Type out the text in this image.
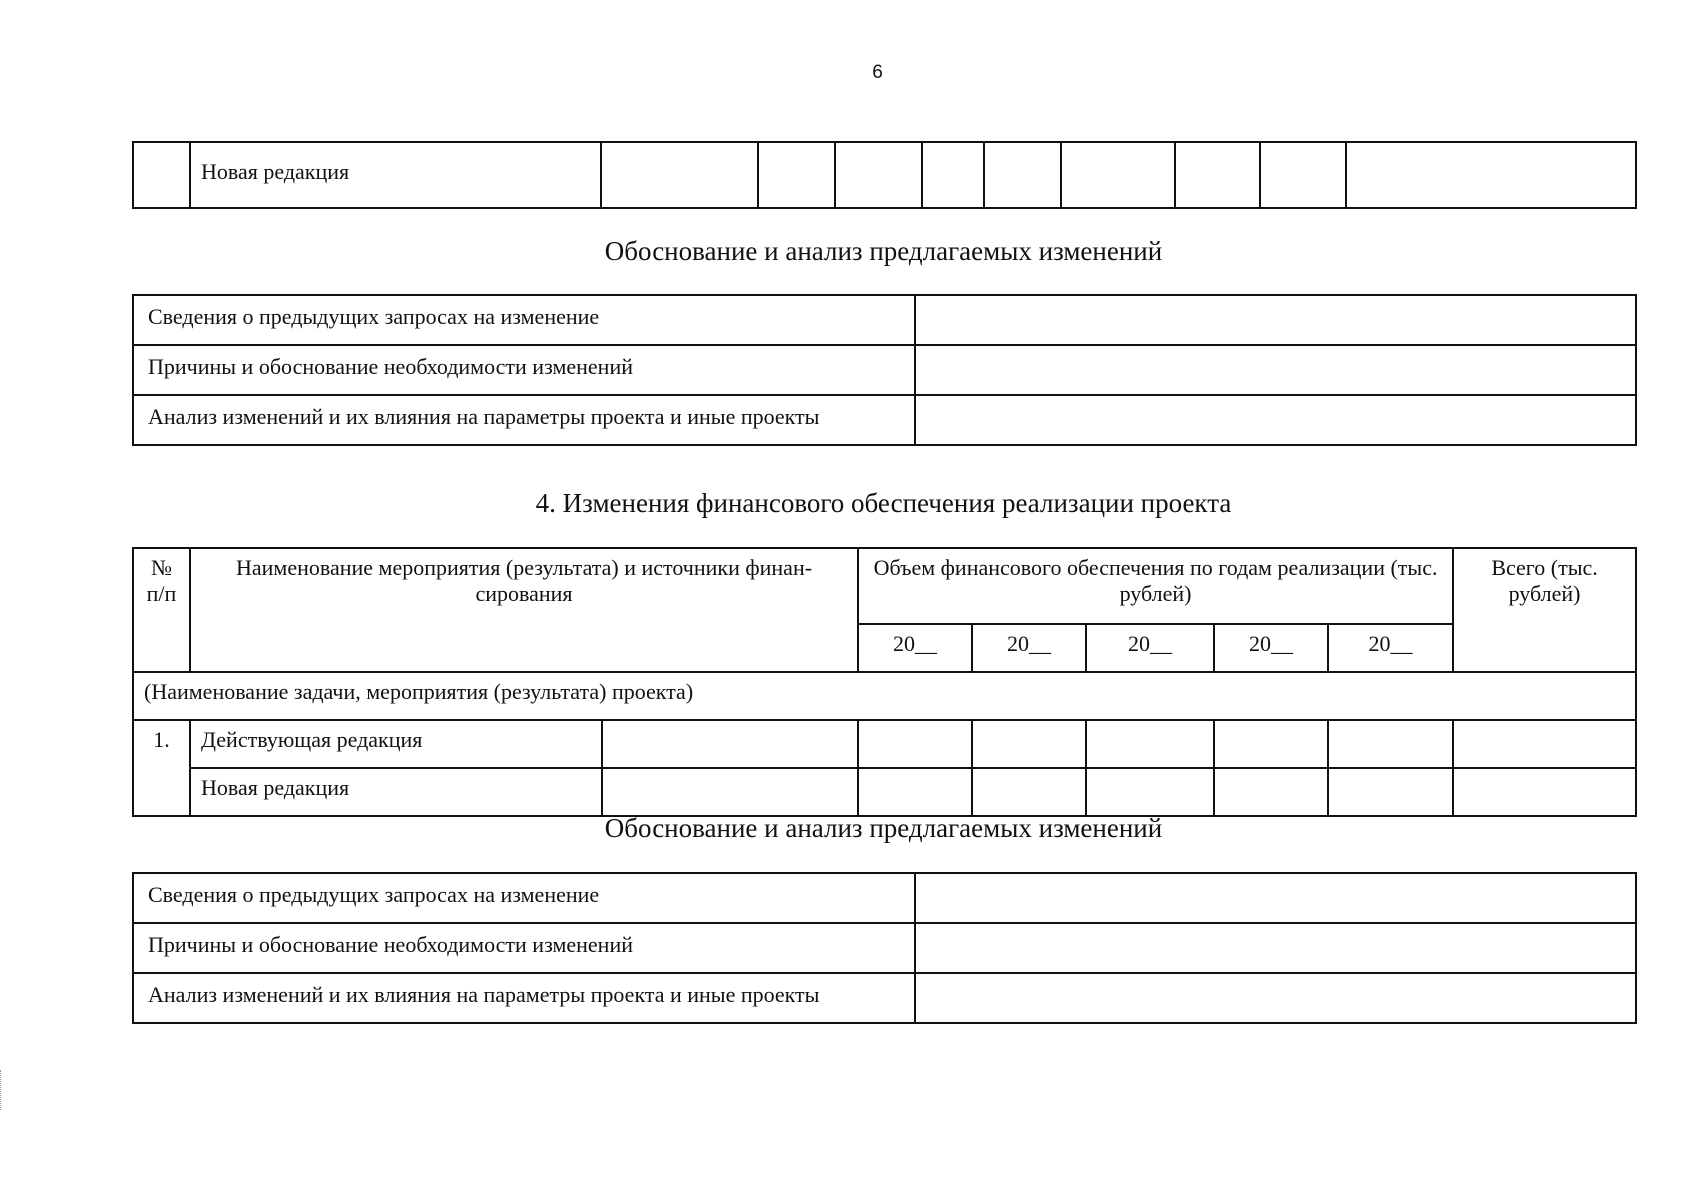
6
	Новая редакция									
Обоснование и анализ предлагаемых изменений
Сведения о предыдущих запросах на изменение	
Причины и обоснование необходимости изменений	
Анализ изменений и их влияния на параметры проекта и иные проекты	
4. Изменения финансового обеспечения реализации проекта
№ п/п	Наименование мероприятия (результата) и источники финан-сирования		Объем финансового обеспечения по годам реализации (тыс. рублей)					Всего (тыс. рублей)
			20__	20__	20__	20__	20__	
(Наименование задачи, мероприятия (результата) проекта)								
1.	Действующая редакция							
	Новая редакция							
Обоснование и анализ предлагаемых изменений
Сведения о предыдущих запросах на изменение	
Причины и обоснование необходимости изменений	
Анализ изменений и их влияния на параметры проекта и иные проекты	
